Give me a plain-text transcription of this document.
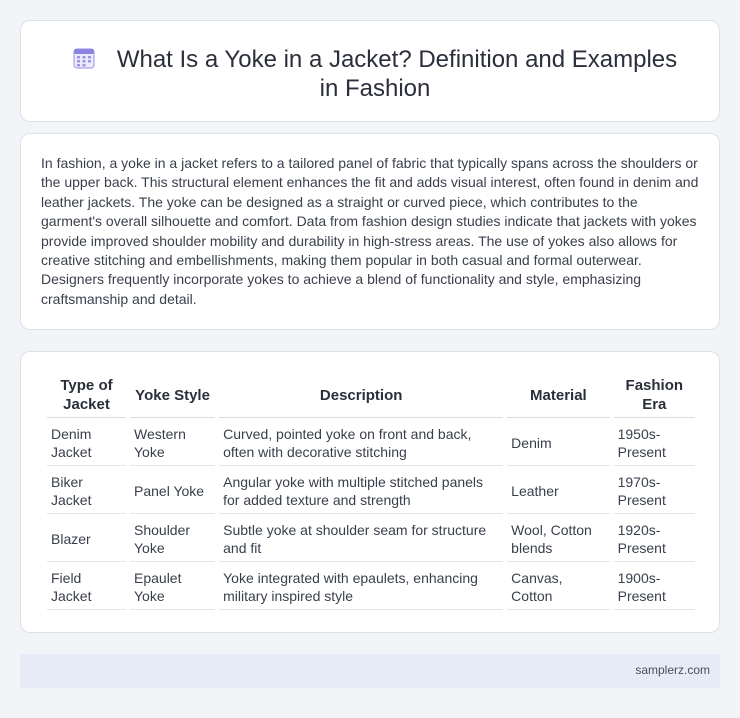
What Is a Yoke in a Jacket? Definition and Examples in Fashion

In fashion, a yoke in a jacket refers to a tailored panel of fabric that typically spans across the shoulders or the upper back. This structural element enhances the fit and adds visual interest, often found in denim and leather jackets. The yoke can be designed as a straight or curved piece, which contributes to the garment's overall silhouette and comfort. Data from fashion design studies indicate that jackets with yokes provide improved shoulder mobility and durability in high-stress areas. The use of yokes also allows for creative stitching and embellishments, making them popular in both casual and formal outerwear. Designers frequently incorporate yokes to achieve a blend of functionality and style, emphasizing craftsmanship and detail.

Type of Jacket	Yoke Style	Description	Material	Fashion Era
Denim Jacket	Western Yoke	Curved, pointed yoke on front and back, often with decorative stitching	Denim	1950s-Present
Biker Jacket	Panel Yoke	Angular yoke with multiple stitched panels for added texture and strength	Leather	1970s-Present
Blazer	Shoulder Yoke	Subtle yoke at shoulder seam for structure and fit	Wool, Cotton blends	1920s-Present
Field Jacket	Epaulet Yoke	Yoke integrated with epaulets, enhancing military inspired style	Canvas, Cotton	1900s-Present
samplerz.com
